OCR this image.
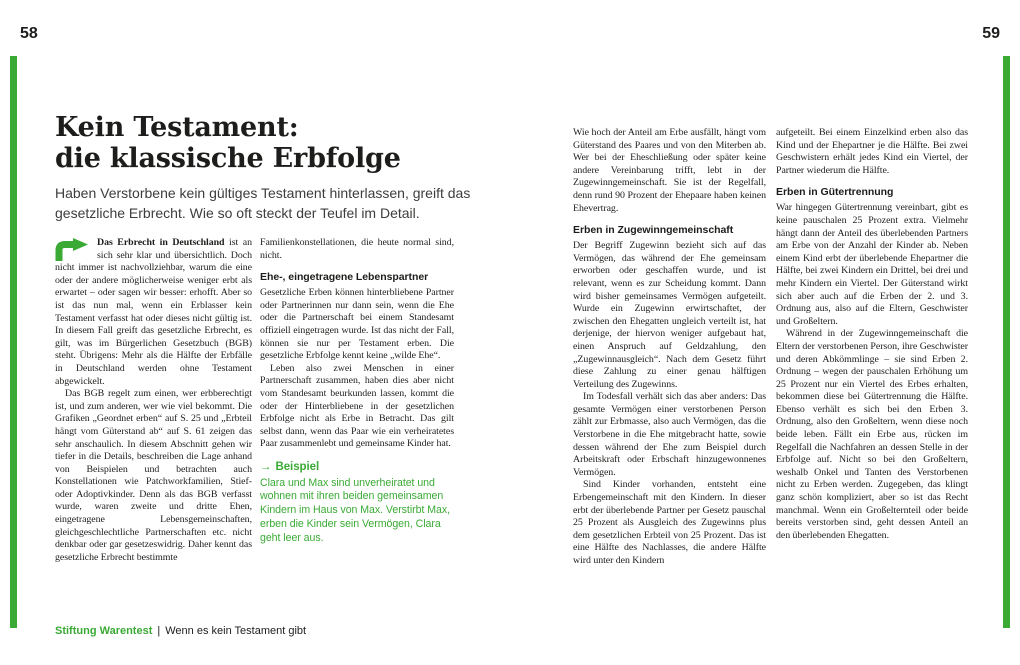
58	59
Kein Testament:
die klassische Erbfolge

Haben Verstorbene kein gültiges Testament hinterlassen, greift das gesetzliche Erbrecht. Wie so oft steckt der Teufel im Detail.

Das Erbrecht in Deutschland ist an sich sehr klar und übersichtlich. Doch nicht immer ist nachvollziehbar, warum die eine oder der andere möglicherweise weniger erbt als erwartet – oder sagen wir besser: erhofft. Aber so ist das nun mal, wenn ein Erblasser kein Testament verfasst hat oder dieses nicht gültig ist. In diesem Fall greift das gesetzliche Erbrecht, es gilt, was im Bürgerlichen Gesetzbuch (BGB) steht. Übrigens: Mehr als die Hälfte der Erbfälle in Deutschland werden ohne Testament abgewickelt.

Das BGB regelt zum einen, wer erbberechtigt ist, und zum anderen, wer wie viel bekommt. Die Grafiken „Geordnet erben“ auf S. 25 und „Erbteil hängt vom Güterstand ab“ auf S. 61 zeigen das sehr anschaulich. In diesem Abschnitt gehen wir tiefer in die Details, beschreiben die Lage anhand von Beispielen und betrachten auch Konstellationen wie Patchworkfamilien, Stief- oder Adoptivkinder. Denn als das BGB verfasst wurde, waren zweite und dritte Ehen, eingetragene Lebensgemeinschaften, gleichgeschlechtliche Partnerschaften etc. nicht denkbar oder gar gesetzeswidrig. Daher kennt das gesetzliche Erbrecht bestimmte

Familienkonstellationen, die heute normal sind, nicht.

Ehe-, eingetragene Lebenspartner

Gesetzliche Erben können hinterbliebene Partner oder Partnerinnen nur dann sein, wenn die Ehe oder die Partnerschaft bei einem Standesamt offiziell eingetragen wurde. Ist das nicht der Fall, können sie nur per Testament erben. Die gesetzliche Erbfolge kennt keine „wilde Ehe“.

Leben also zwei Menschen in einer Partnerschaft zusammen, haben dies aber nicht vom Standesamt beurkunden lassen, kommt die oder der Hinterbliebene in der gesetzlichen Erbfolge nicht als Erbe in Betracht. Das gilt selbst dann, wenn das Paar wie ein verheiratetes Paar zusammenlebt und gemeinsame Kinder hat.

→ Beispiel

Clara und Max sind unverheiratet und wohnen mit ihren beiden gemeinsamen Kindern im Haus von Max. Verstirbt Max, erben die Kinder sein Vermögen, Clara geht leer aus.

Stiftung Warentest | Wenn es kein Testament gibt

Wie hoch der Anteil am Erbe ausfällt, hängt vom Güterstand des Paares und von den Miterben ab. Wer bei der Eheschließung oder später keine andere Vereinbarung trifft, lebt in der Zugewinngemeinschaft. Sie ist der Regelfall, denn rund 90 Prozent der Ehepaare haben keinen Ehevertrag.

Erben in Zugewinngemeinschaft

Der Begriff Zugewinn bezieht sich auf das Vermögen, das während der Ehe gemeinsam erworben oder geschaffen wurde, und ist relevant, wenn es zur Scheidung kommt. Dann wird bisher gemeinsames Vermögen aufgeteilt. Wurde ein Zugewinn erwirtschaftet, der zwischen den Ehegatten ungleich verteilt ist, hat derjenige, der hiervon weniger aufgebaut hat, einen Anspruch auf Geldzahlung, den „Zugewinnausgleich“. Nach dem Gesetz führt diese Zahlung zu einer genau hälftigen Verteilung des Zugewinns.

Im Todesfall verhält sich das aber anders: Das gesamte Vermögen einer verstorbenen Person zählt zur Erbmasse, also auch Vermögen, das die Verstorbene in die Ehe mitgebracht hatte, sowie dessen während der Ehe zum Beispiel durch Arbeitskraft oder Erbschaft hinzugewonnenes Vermögen.

Sind Kinder vorhanden, entsteht eine Erbengemeinschaft mit den Kindern. In dieser erbt der überlebende Partner per Gesetz pauschal 25 Prozent als Ausgleich des Zugewinns plus dem gesetzlichen Erbteil von 25 Prozent. Das ist eine Hälfte des Nachlasses, die andere Hälfte wird unter den Kindern

aufgeteilt. Bei einem Einzelkind erben also das Kind und der Ehepartner je die Hälfte. Bei zwei Geschwistern erhält jedes Kind ein Viertel, der Partner wiederum die Hälfte.

Erben in Gütertrennung

War hingegen Gütertrennung vereinbart, gibt es keine pauschalen 25 Prozent extra. Vielmehr hängt dann der Anteil des überlebenden Partners am Erbe von der Anzahl der Kinder ab. Neben einem Kind erbt der überlebende Ehepartner die Hälfte, bei zwei Kindern ein Drittel, bei drei und mehr Kindern ein Viertel. Der Güterstand wirkt sich aber auch auf die Erben der 2. und 3. Ordnung aus, also auf die Eltern, Geschwister und Großeltern.

Während in der Zugewinngemeinschaft die Eltern der verstorbenen Person, ihre Geschwister und deren Abkömmlinge – sie sind Erben 2. Ordnung – wegen der pauschalen Erhöhung um 25 Prozent nur ein Viertel des Erbes erhalten, bekommen diese bei Gütertrennung die Hälfte. Ebenso verhält es sich bei den Erben 3. Ordnung, also den Großeltern, wenn diese noch beide leben. Fällt ein Erbe aus, rücken im Regelfall die Nachfahren an dessen Stelle in der Erbfolge auf. Nicht so bei den Großeltern, weshalb Onkel und Tanten des Verstorbenen nicht zu Erben werden. Zugegeben, das klingt ganz schön kompliziert, aber so ist das Recht manchmal. Wenn ein Großelternteil oder beide bereits verstorben sind, geht dessen Anteil an den überlebenden Ehegatten.
